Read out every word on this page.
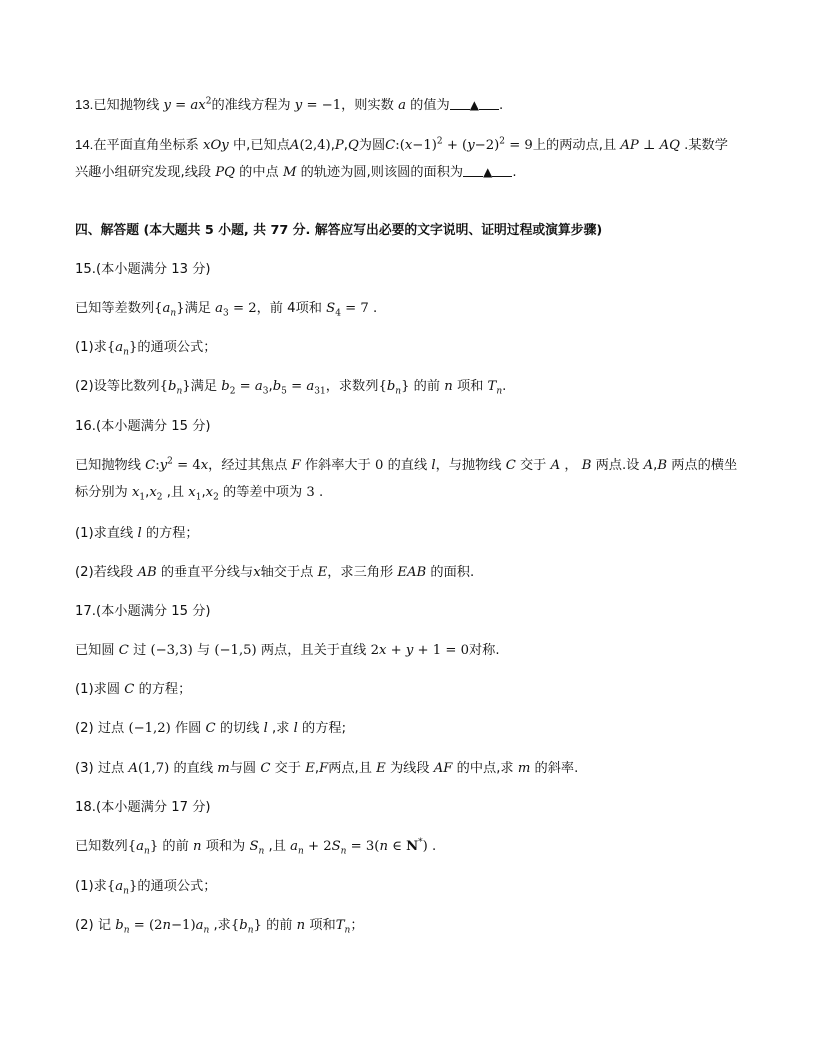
13.已知抛物线 $y = ax^2$的准线方程为 y = −1，则实数 a 的值为 ▲ .
14.在平面直角坐标系 xOy 中,已知点A(2,4),P,Q为圆$C:(x-1)^2 + (y-2)^2 = 9$上的两动点,且 AP ⊥ AQ .某数学
兴趣小组研究发现,线段 PQ 的中点 M 的轨迹为圆,则该圆的面积为 ▲ .
四、解答题 (本大题共 5 小题, 共 77 分. 解答应写出必要的文字说明、证明过程或演算步骤)
15.(本小题满分 13 分)
已知等差数列$\{a_n\}$满足 $a_3 = 2$，前 4项和 $S_4 = 7$ .
(1)求$\{a_n\}$的通项公式；
(2)设等比数列$\{b_n\}$满足 $b_2 = a_3,b_5 = a_{31}$，求数列$\{b_n\}$ 的前 n 项和 $T_n$.
16.(本小题满分 15 分)
已知抛物线 $C:y^2 = 4x$，经过其焦点 F 作斜率大于 0 的直线 l，与抛物线 C 交于 A ， B 两点.设 A,B 两点的横坐
标分别为 $x_1,x_2$ ,且 $x_1,x_2$ 的等差中项为 3 .
(1)求直线 l 的方程；
(2)若线段 AB 的垂直平分线与x轴交于点 E，求三角形 EAB 的面积.
17.(本小题满分 15 分)
已知圆 C 过 (−3,3) 与 (−1,5) 两点，且关于直线 2x + y + 1 = 0对称.
(1)求圆 C 的方程；
(2) 过点 (−1,2) 作圆 C 的切线 l ,求 l 的方程;
(3) 过点 A(1,7) 的直线 m与圆 C 交于 E,F两点,且 E 为线段 AF 的中点,求 m 的斜率.
18.(本小题满分 17 分)
已知数列$\{a_n\}$ 的前 n 项和为 $S_n$ ,且 $a_n + 2S_n = 3(n$ ∈ N*) .
(1)求$\{a_n\}$的通项公式；
(2) 记 $b_n = (2n-1)a_n$ ,求$\{b_n\}$ 的前 n 项和$T_n$；
